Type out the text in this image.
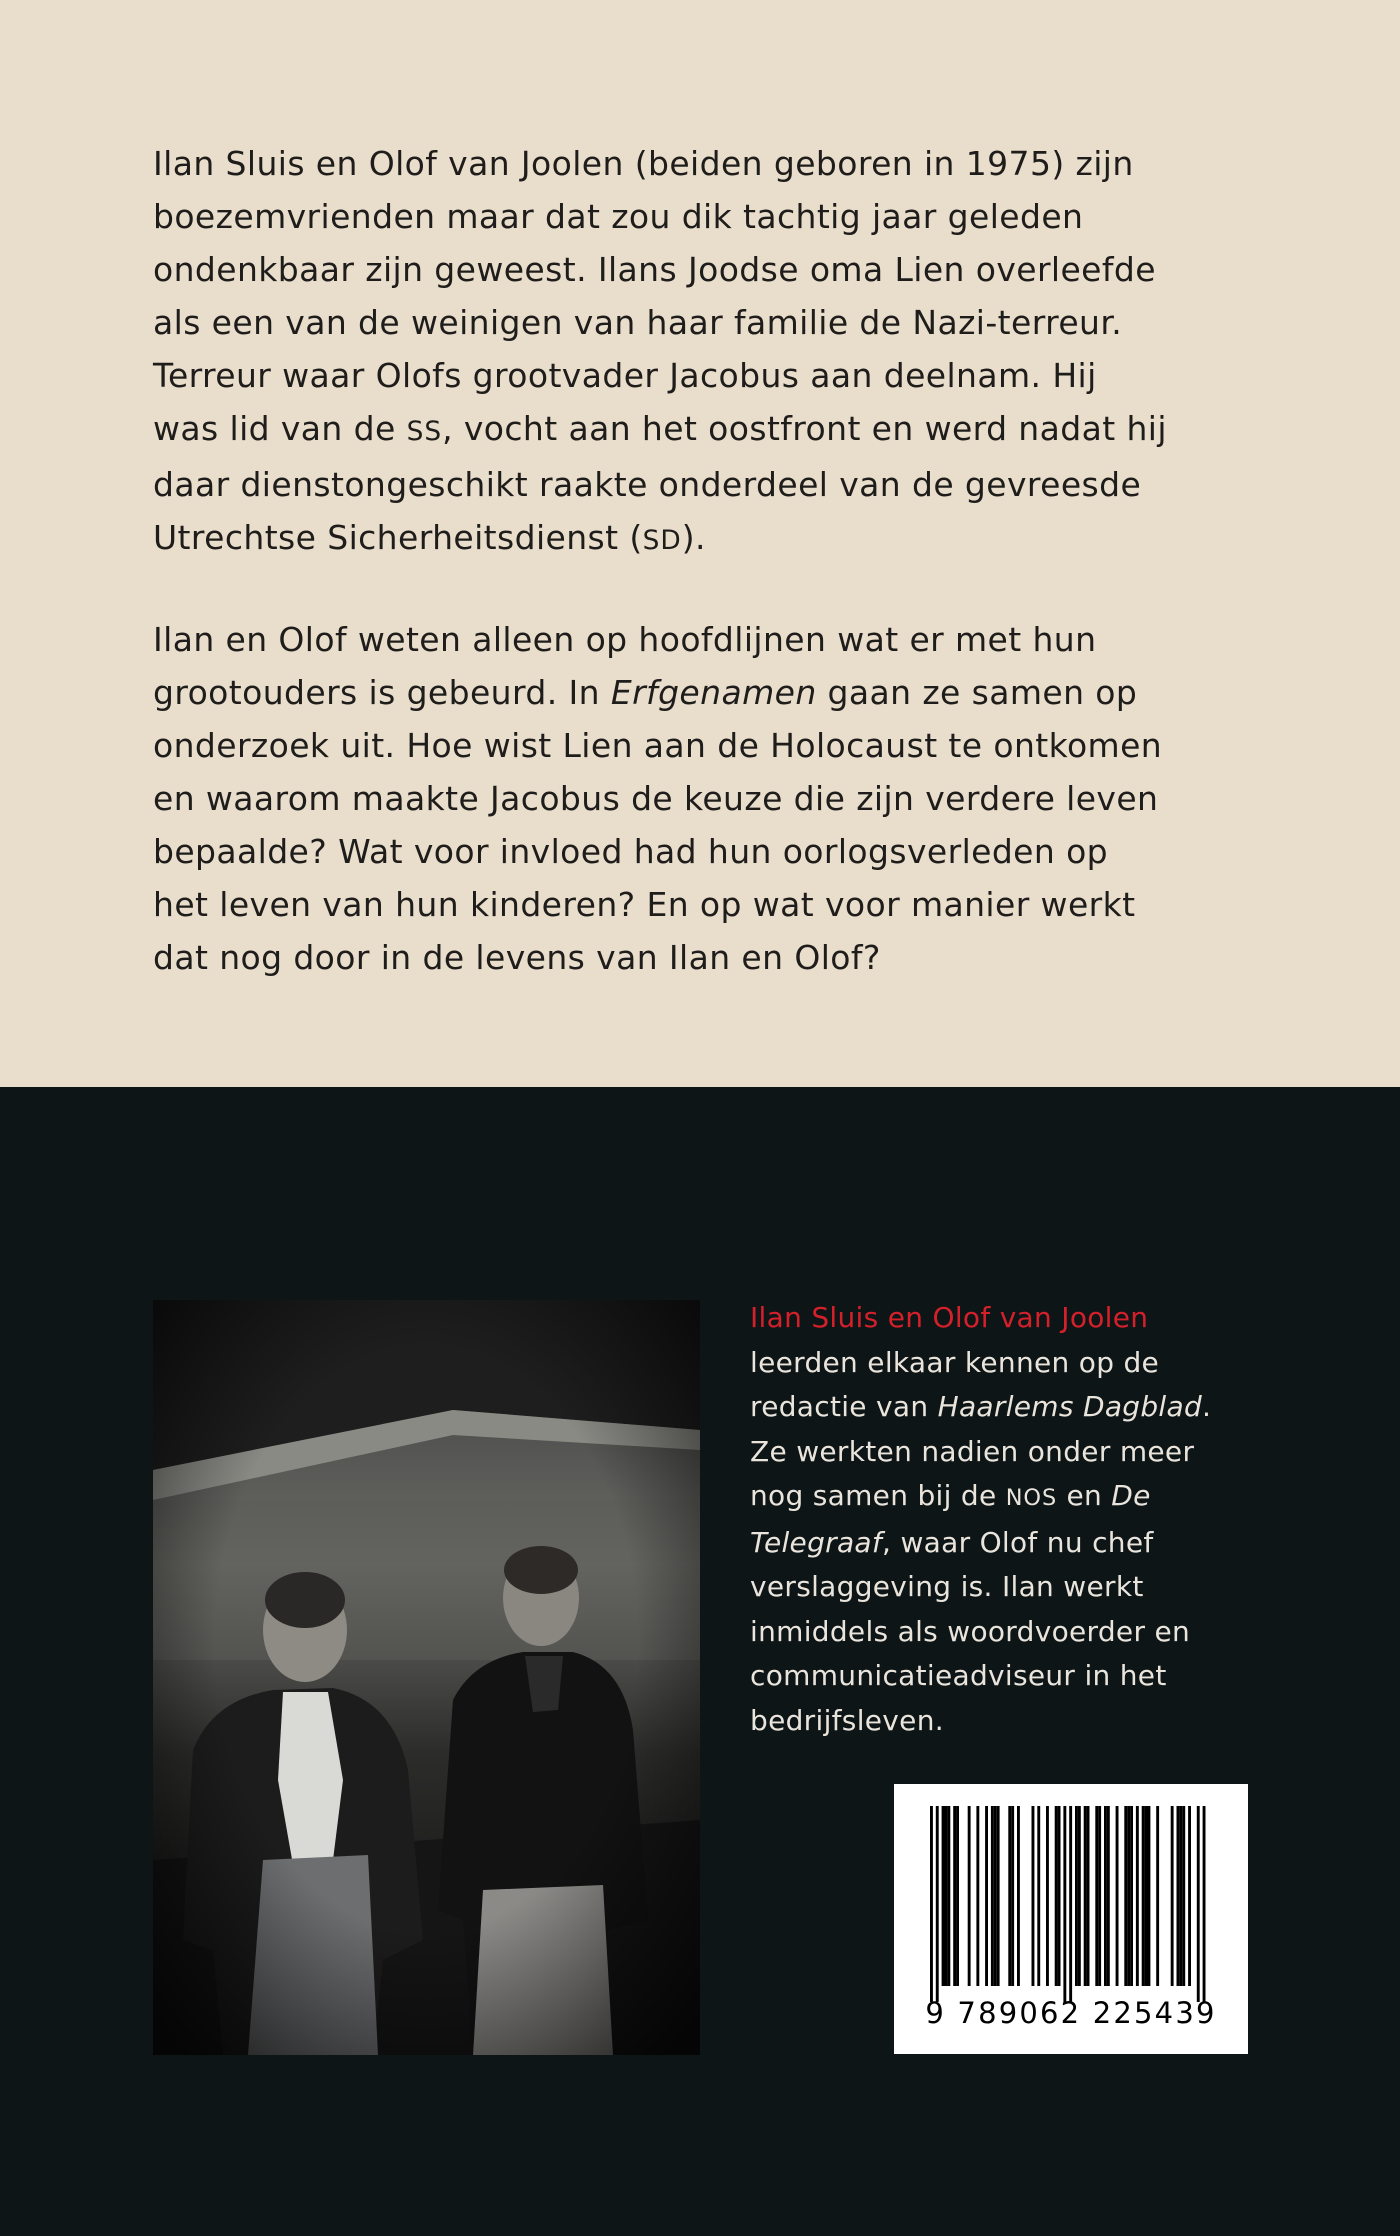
Ilan Sluis en Olof van Joolen (beiden geboren in 1975) zijn
boezemvrienden maar dat zou dik tachtig jaar geleden
ondenkbaar zijn geweest. Ilans Joodse oma Lien overleefde
als een van de weinigen van haar familie de Nazi-terreur.
Terreur waar Olofs grootvader Jacobus aan deelnam. Hij
was lid van de SS, vocht aan het oostfront en werd nadat hij
daar dienstongeschikt raakte onderdeel van de gevreesde
Utrechtse Sicherheitsdienst (SD).

Ilan en Olof weten alleen op hoofdlijnen wat er met hun
grootouders is gebeurd. In Erfgenamen gaan ze samen op
onderzoek uit. Hoe wist Lien aan de Holocaust te ontkomen
en waarom maakte Jacobus de keuze die zijn verdere leven
bepaalde? Wat voor invloed had hun oorlogsverleden op
het leven van hun kinderen? En op wat voor manier werkt
dat nog door in de levens van Ilan en Olof?

Ilan Sluis en Olof van Joolen
leerden elkaar kennen op de
redactie van Haarlems Dagblad.
Ze werkten nadien onder meer
nog samen bij de NOS en De
Telegraaf, waar Olof nu chef
verslaggeving is. Ilan werkt
inmiddels als woordvoerder en
communicatieadviseur in het
bedrijfsleven.

9 789062 225439
